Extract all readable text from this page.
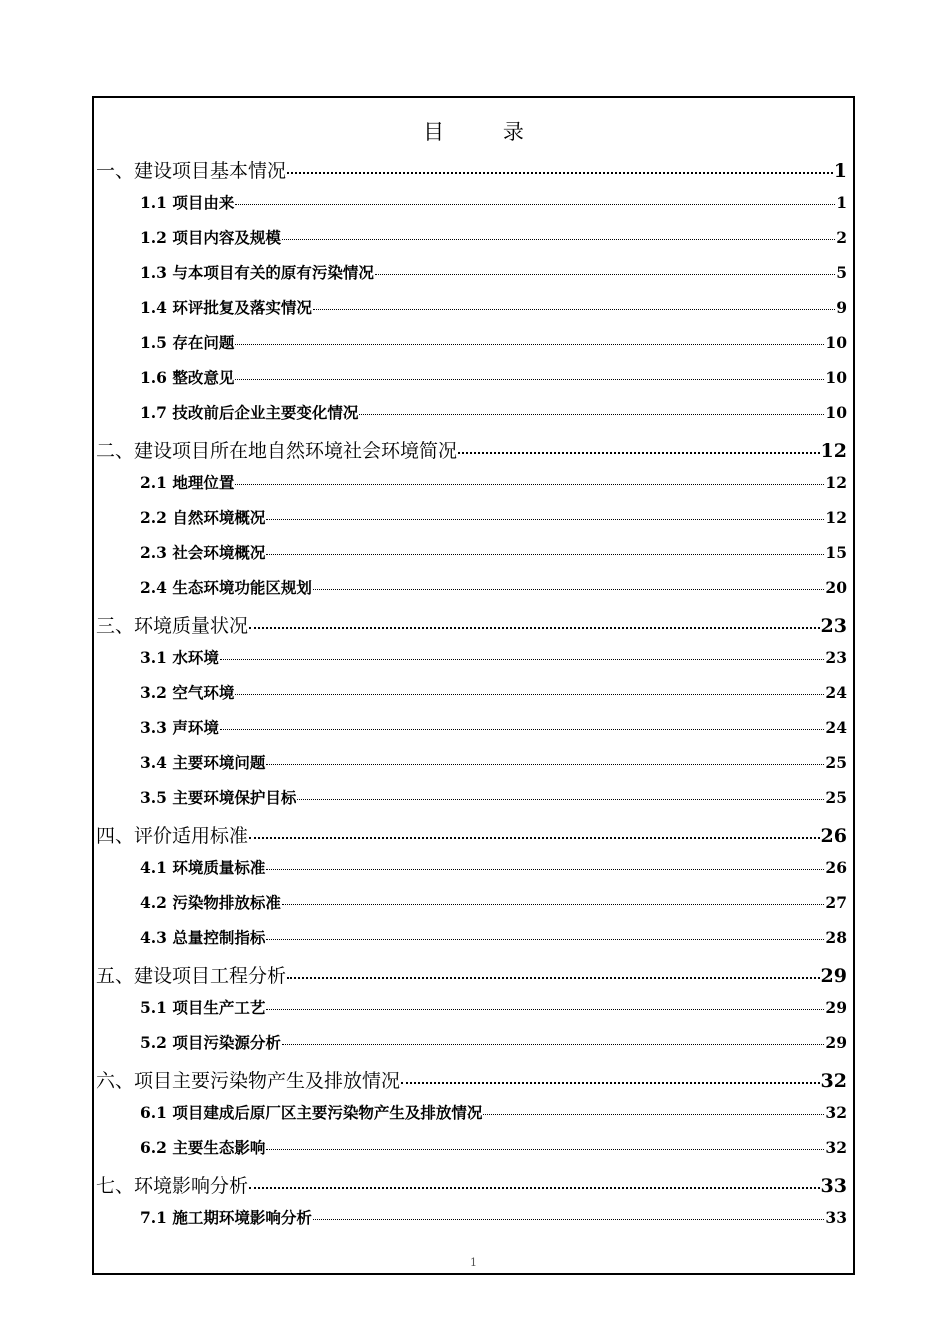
目 录
一、建设项目基本情况	1
1.1 项目由来	1
1.2 项目内容及规模	2
1.3 与本项目有关的原有污染情况	5
1.4 环评批复及落实情况	9
1.5 存在问题	10
1.6 整改意见	10
1.7 技改前后企业主要变化情况	10
二、建设项目所在地自然环境社会环境简况	12
2.1 地理位置	12
2.2 自然环境概况	12
2.3 社会环境概况	15
2.4 生态环境功能区规划	20
三、环境质量状况	23
3.1 水环境	23
3.2 空气环境	24
3.3 声环境	24
3.4 主要环境问题	25
3.5 主要环境保护目标	25
四、评价适用标准	26
4.1 环境质量标准	26
4.2 污染物排放标准	27
4.3 总量控制指标	28
五、建设项目工程分析	29
5.1 项目生产工艺	29
5.2 项目污染源分析	29
六、项目主要污染物产生及排放情况	32
6.1 项目建成后原厂区主要污染物产生及排放情况	32
6.2 主要生态影响	32
七、环境影响分析	33
7.1 施工期环境影响分析	33
1
